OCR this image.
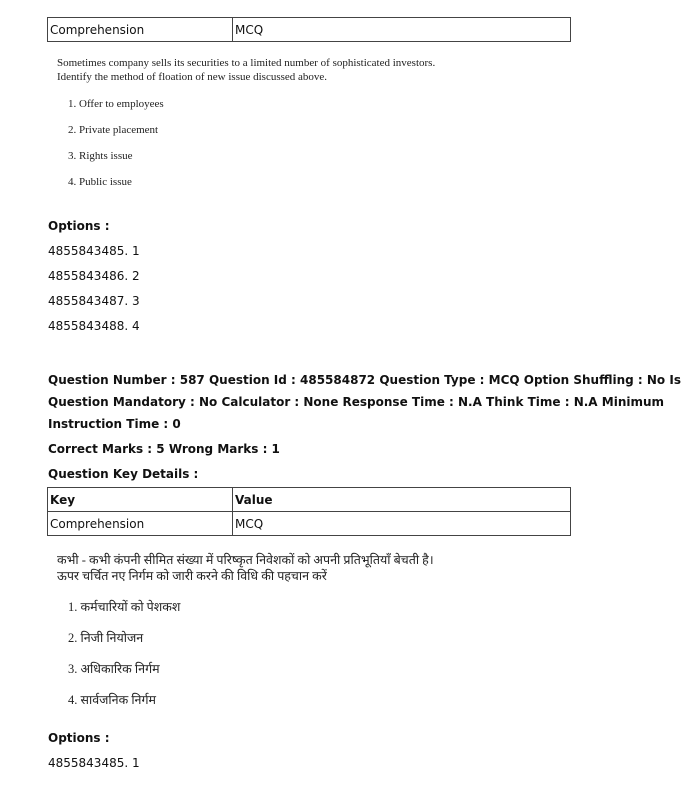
Comprehension	MCQ

Sometimes company sells its securities to a limited number of sophisticated investors. Identify the method of floation of new issue discussed above.

1. Offer to employees

2. Private placement

3. Rights issue

4. Public issue

Options :
4855843485. 1
4855843486. 2
4855843487. 3
4855843488. 4
Question Number : 587 Question Id : 485584872 Question Type : MCQ Option Shuffling : No Is
Question Mandatory : No Calculator : None Response Time : N.A Think Time : N.A Minimum
Instruction Time : 0
Correct Marks : 5 Wrong Marks : 1
Question Key Details :
Key	Value
Comprehension	MCQ

कभी - कभी कंपनी सीमित संख्या में परिष्कृत निवेशकों को अपनी प्रतिभूतियाँ बेचती है। ऊपर चर्चित नए निर्गम को जारी करने की विधि की पहचान करें

1. कर्मचारियों को पेशकश

2. निजी नियोजन

3. अधिकारिक निर्गम

4. सार्वजनिक निर्गम

Options :
4855843485. 1
